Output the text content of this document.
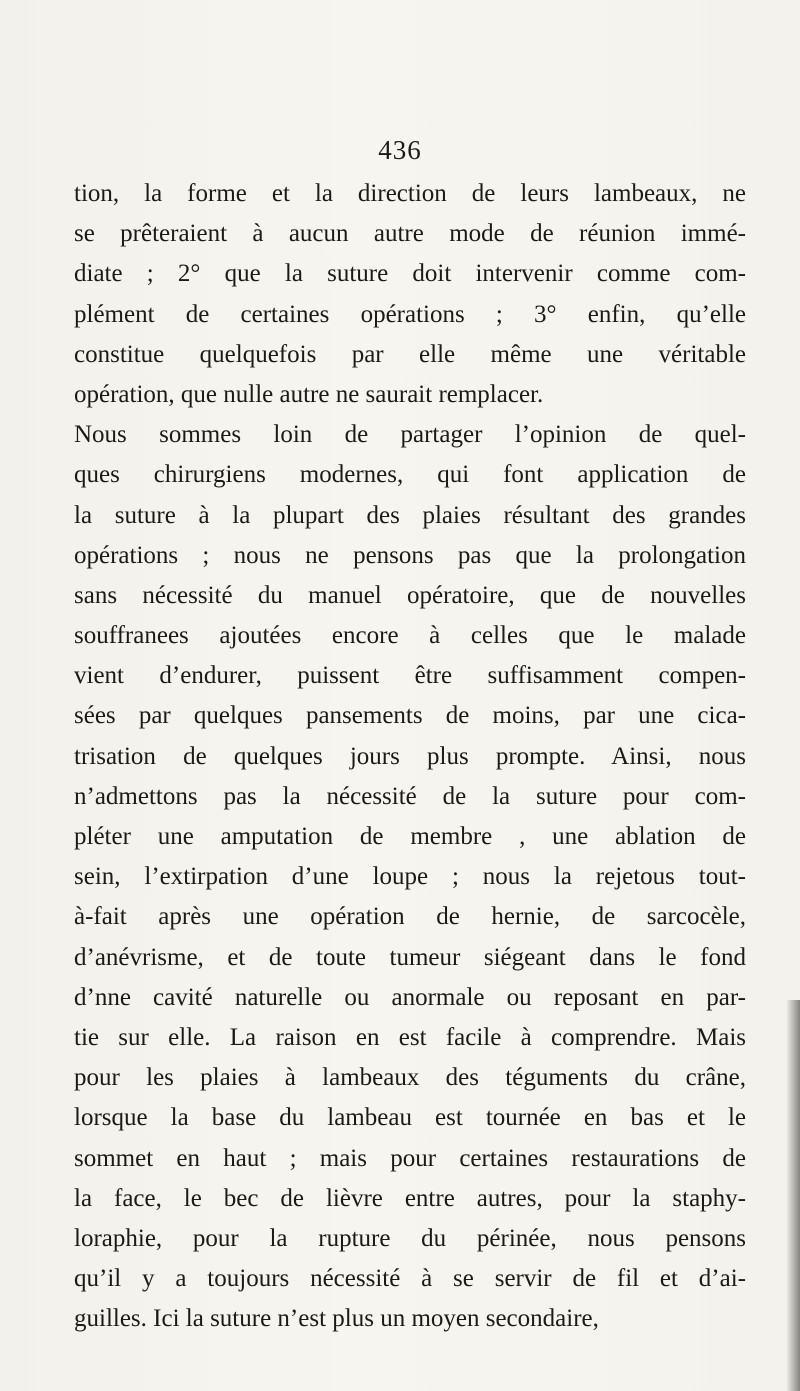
436
tion, la forme et la direction de leurs lambeaux, ne
se prêteraient à aucun autre mode de réunion immé-
diate ; 2° que la suture doit intervenir comme com-
plément de certaines opérations ; 3° enfin, qu’elle
constitue quelquefois par elle même une véritable
opération, que nulle autre ne saurait remplacer.
Nous sommes loin de partager l’opinion de quel-
ques chirurgiens modernes, qui font application de
la suture à la plupart des plaies résultant des grandes
opérations ; nous ne pensons pas que la prolongation
sans nécessité du manuel opératoire, que de nouvelles
souffranees ajoutées encore à celles que le malade
vient d’endurer, puissent être suffisamment compen-
sées par quelques pansements de moins, par une cica-
trisation de quelques jours plus prompte. Ainsi, nous
n’admettons pas la nécessité de la suture pour com-
pléter une amputation de membre , une ablation de
sein, l’extirpation d’une loupe ; nous la rejetous tout-
à-fait après une opération de hernie, de sarcocèle,
d’anévrisme, et de toute tumeur siégeant dans le fond
d’nne cavité naturelle ou anormale ou reposant en par-
tie sur elle. La raison en est facile à comprendre. Mais
pour les plaies à lambeaux des téguments du crâne,
lorsque la base du lambeau est tournée en bas et le
sommet en haut ; mais pour certaines restaurations de
la face, le bec de lièvre entre autres, pour la staphy-
loraphie, pour la rupture du périnée, nous pensons
qu’il y a toujours nécessité à se servir de fil et d’ai-
guilles. Ici la suture n’est plus un moyen secondaire,
